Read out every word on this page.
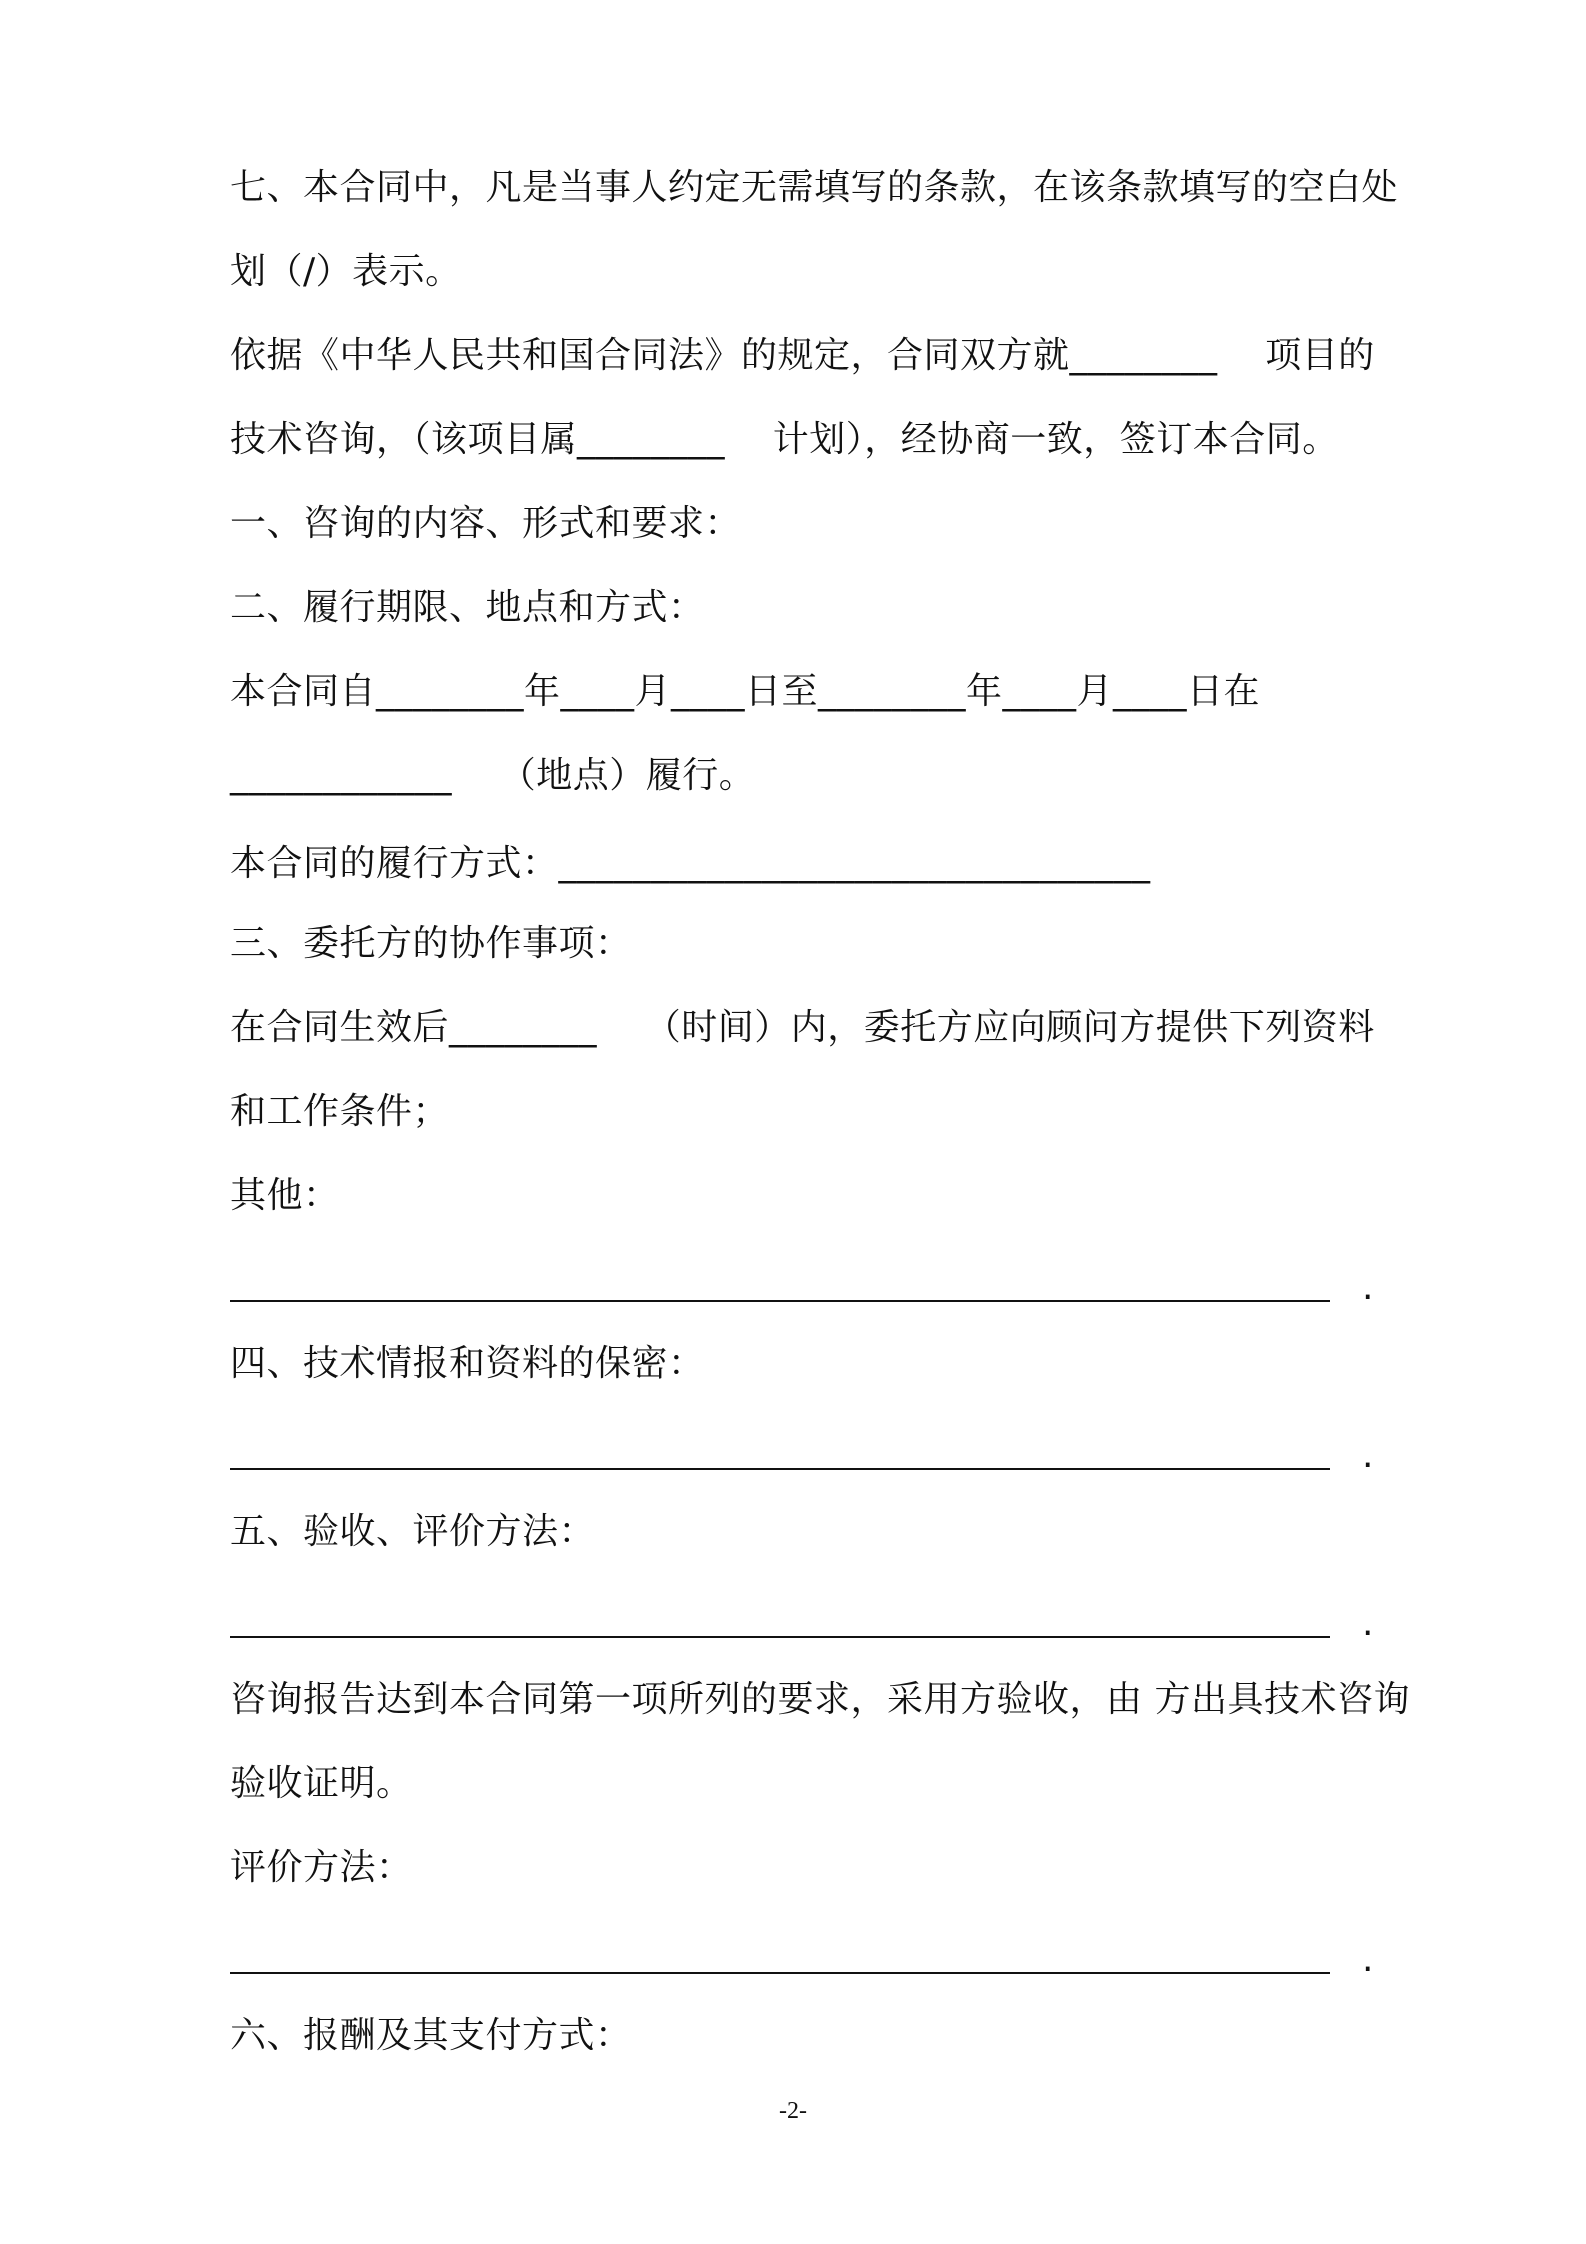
七、本合同中，凡是当事人约定无需填写的条款，在该条款填写的空白处
划（/）表示。
依据《中华人民共和国合同法》的规定，合同双方就________    项目的
技术咨询，（该项目属________    计划），经协商一致，签订本合同。
一、咨询的内容、形式和要求：
二、履行期限、地点和方式：
本合同自________年____月____日至________年____月____日在
____________    （地点）履行。
本合同的履行方式：________________________________
三、委托方的协作事项：
在合同生效后________    （时间）内，委托方应向顾问方提供下列资料
和工作条件；
其他：
.
四、技术情报和资料的保密：
.
五、验收、评价方法：
.
咨询报告达到本合同第一项所列的要求，采用方验收，由 方出具技术咨询
验收证明。
评价方法：
.
六、报酬及其支付方式：
-2-
